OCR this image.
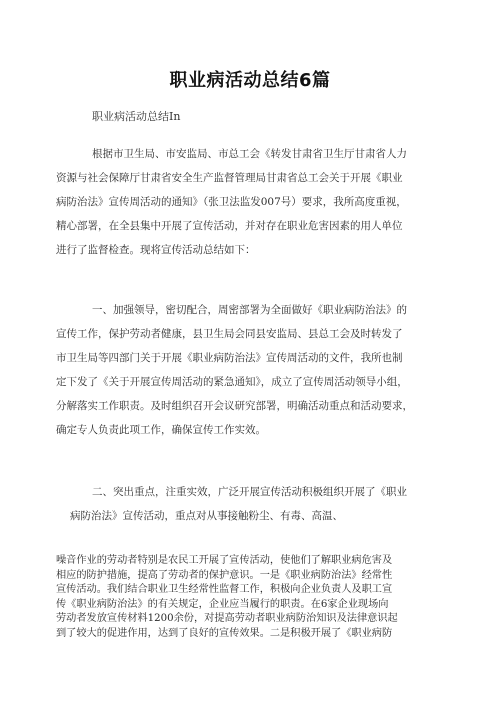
职业病活动总结6篇
职业病活动总结In
根据市卫生局、市安监局、市总工会《转发甘肃省卫生厅甘肃省人力
资源与社会保障厅甘肃省安全生产监督管理局甘肃省总工会关于开展《职业
病防治法》宣传周活动的通知》（张卫法监发007号）要求，我所高度重视，
精心部署，在全县集中开展了宣传活动，并对存在职业危害因素的用人单位
进行了监督检查。现将宣传活动总结如下：
一、加强领导，密切配合，周密部署为全面做好《职业病防治法》的
宣传工作，保护劳动者健康，县卫生局会同县安监局、县总工会及时转发了
市卫生局等四部门关于开展《职业病防治法》宣传周活动的文件，我所也制
定下发了《关于开展宣传周活动的紧急通知》，成立了宣传周活动领导小组，
分解落实工作职责。及时组织召开会议研究部署，明确活动重点和活动要求，
确定专人负责此项工作，确保宣传工作实效。
二、突出重点，注重实效，广泛开展宣传活动积极组织开展了《职业
病防治法》宣传活动，重点对从事接触粉尘、有毒、高温、
噪音作业的劳动者特别是农民工开展了宣传活动，使他们了解职业病危害及
相应的防护措施，提高了劳动者的保护意识。一是《职业病防治法》经常性
宣传活动。我们结合职业卫生经常性监督工作，积极向企业负责人及职工宣
传《职业病防治法》的有关规定，企业应当履行的职责。在6家企业现场向
劳动者发放宣传材料1200余份，对提高劳动者职业病防治知识及法律意识起
到了较大的促进作用，达到了良好的宣传效果。二是积极开展了《职业病防
